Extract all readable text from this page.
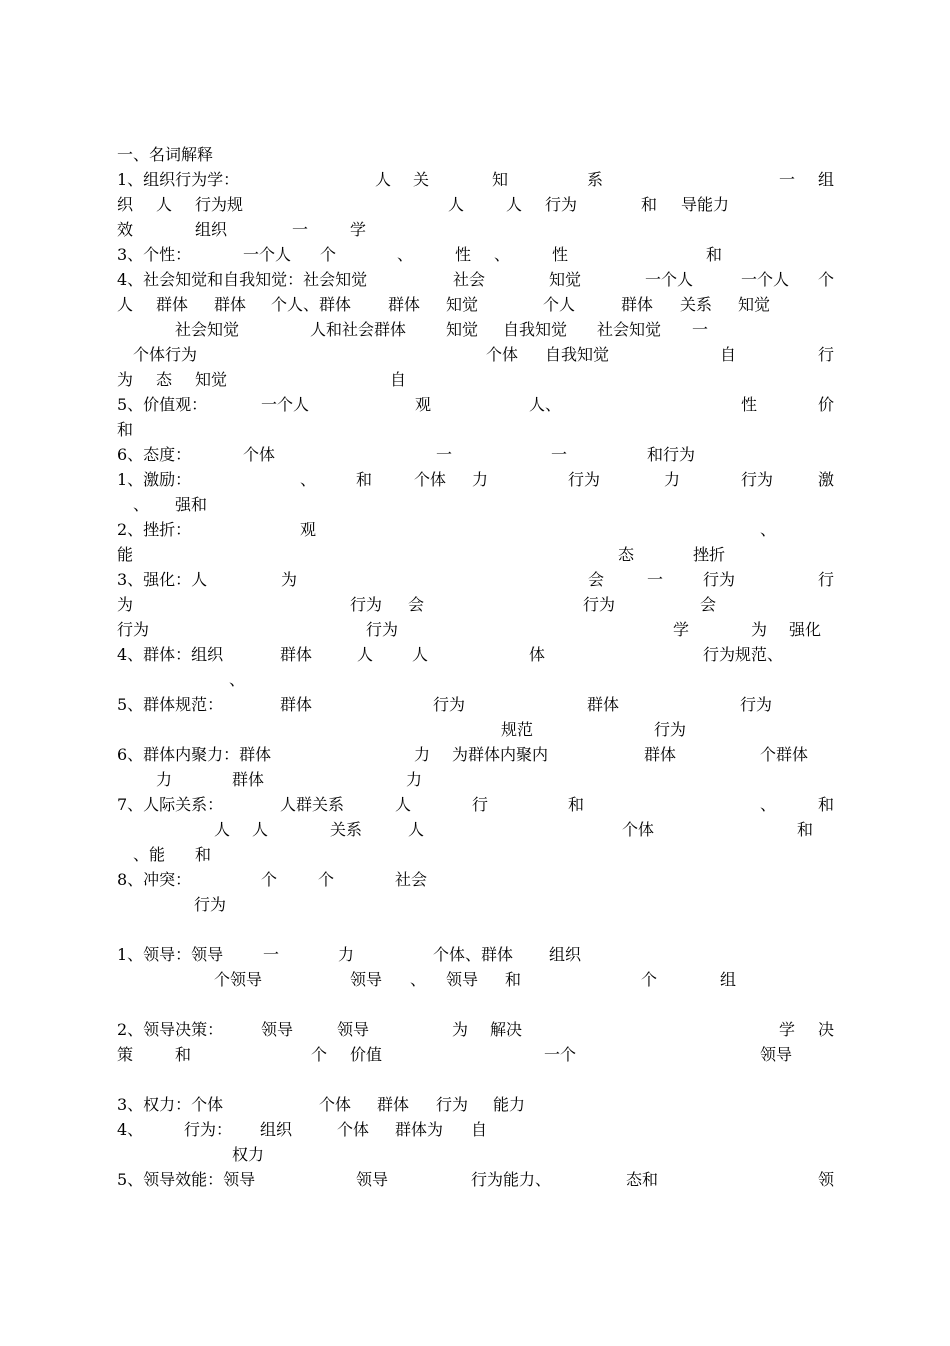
一、名词解释
1、组织行为学：	人 关	知	系	一 组
织 人 行为规	人	人 行为	和 导能力
效	组织	一	学
3、个性：	一个人 个	、	性 、	性	和
4、社会知觉和自我知觉：社会知觉	社会	知觉	一个人	一个人 个
人 群体 群体 个人、群体 群体 知觉	个人	群体 关系 知觉
社会知觉	人和社会群体 知觉 自我知觉 社会知觉 一
个体行为	个体 自我知觉	自	行
为 态 知觉	自
5、价值观：	一个人	观	人、	性	价
和
6、态度：	个体	一	一	和行为
1、激励：	、 和	个体 力	行为	力	行为	激
、 强和
2、挫折：	观	、
能	态	挫折
3、强化：人	为	会	一 行为	行
为	行为 会	行为	会
行为	行为	学	为 强化
4、群体：组织	群体	人 人	体	行为规范、
、
5、群体规范：	群体	行为	群体	行为
规范	行为
6、群体内聚力：群体	力 为群体内聚内	群体	个群体
力	群体	力
7、人际关系：	人群关系	人	行	和	、	和
人 人	关系	人	个体	和
、能 和
8、冲突：	个	个	社会
行为
1、领导：领导 一	力	个体、群体 组织
个领导	领导 、 领导 和	个	组
2、领导决策： 领导	领导	为 解决	学 决
策	和	个 价值	一个	领导
3、权力：个体	个体 群体 行为 能力
4、	行为： 组织	个体 群体为 自
权力
5、领导效能：领导	领导	行为能力、	态和	领
